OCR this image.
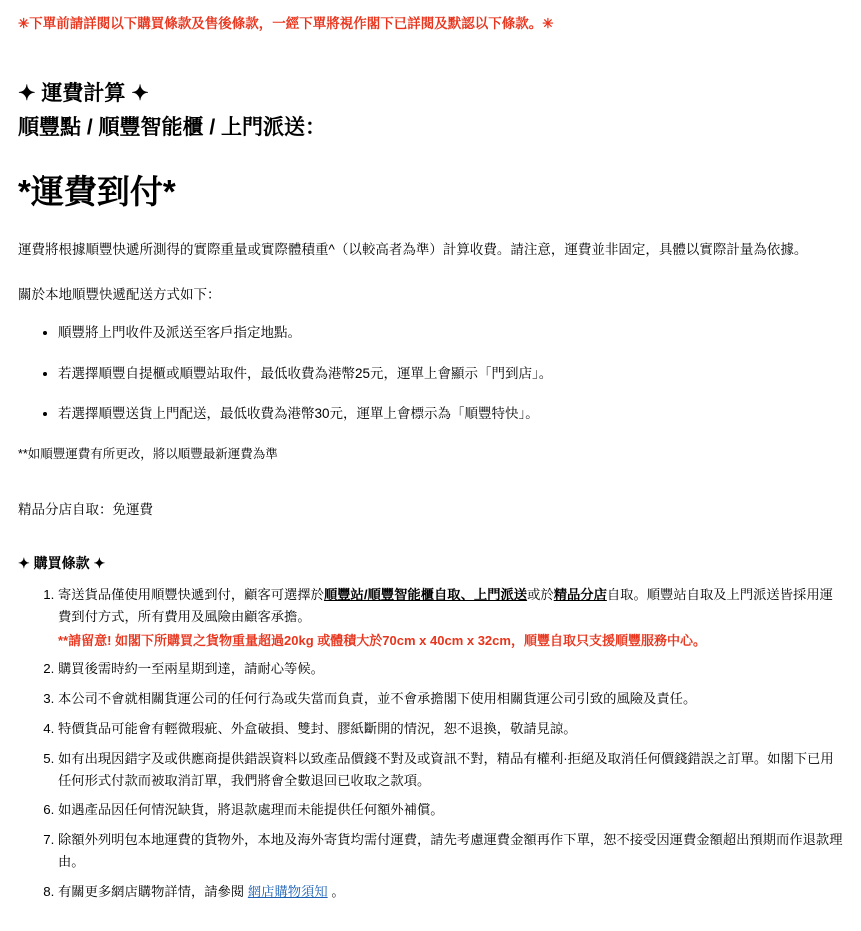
✳下單前請詳閱以下購買條款及售後條款，一經下單將視作閣下已詳閱及默認以下條款。✳

✦ 運費計算 ✦
順豐點 / 順豐智能櫃 / 上門派送：
*運費到付*

運費將根據順豐快遞所測得的實際重量或實際體積重^（以較高者為準）計算收費。請注意，運費並非固定，具體以實際計量為依據。

關於本地順豐快遞配送方式如下：

• 順豐將上門收件及派送至客戶指定地點。
• 若選擇順豐自提櫃或順豐站取件，最低收費為港幣25元，運單上會顯示「門到店」。
• 若選擇順豐送貨上門配送，最低收費為港幣30元，運單上會標示為「順豐特快」。

**如順豐運費有所更改，將以順豐最新運費為準

精品分店自取：免運費

✦ 購買條款 ✦
1. 寄送貨品僅使用順豐快遞到付，顧客可選擇於順豐站/順豐智能櫃自取、上門派送或於精品分店自取。順豐站自取及上門派送皆採用運費到付方式，所有費用及風險由顧客承擔。
**請留意! 如閣下所購買之貨物重量超過20kg 或體積大於70cm x 40cm x 32cm，順豐自取只支援順豐服務中心。
2. 購買後需時約一至兩星期到達，請耐心等候。
3. 本公司不會就相關貨運公司的任何行為或失當而負責，並不會承擔閣下使用相關貨運公司引致的風險及責任。
4. 特價貨品可能會有輕微瑕疵、外盒破損、雙封、膠紙斷開的情況，恕不退換，敬請見諒。
5. 如有出現因錯字及或供應商提供錯誤資料以致產品價錢不對及或資訊不對，精品有權利·拒絕及取消任何價錢錯誤之訂單。如閣下已用任何形式付款而被取消訂單，我們將會全數退回已收取之款項。
6. 如遇產品因任何情況缺貨，將退款處理而未能提供任何額外補償。
7. 除額外列明包本地運費的貨物外，本地及海外寄貨均需付運費，請先考慮運費金額再作下單，恕不接受因運費金額超出預期而作退款理由。
8. 有關更多網店購物詳情，請參閱 網店購物須知 。
